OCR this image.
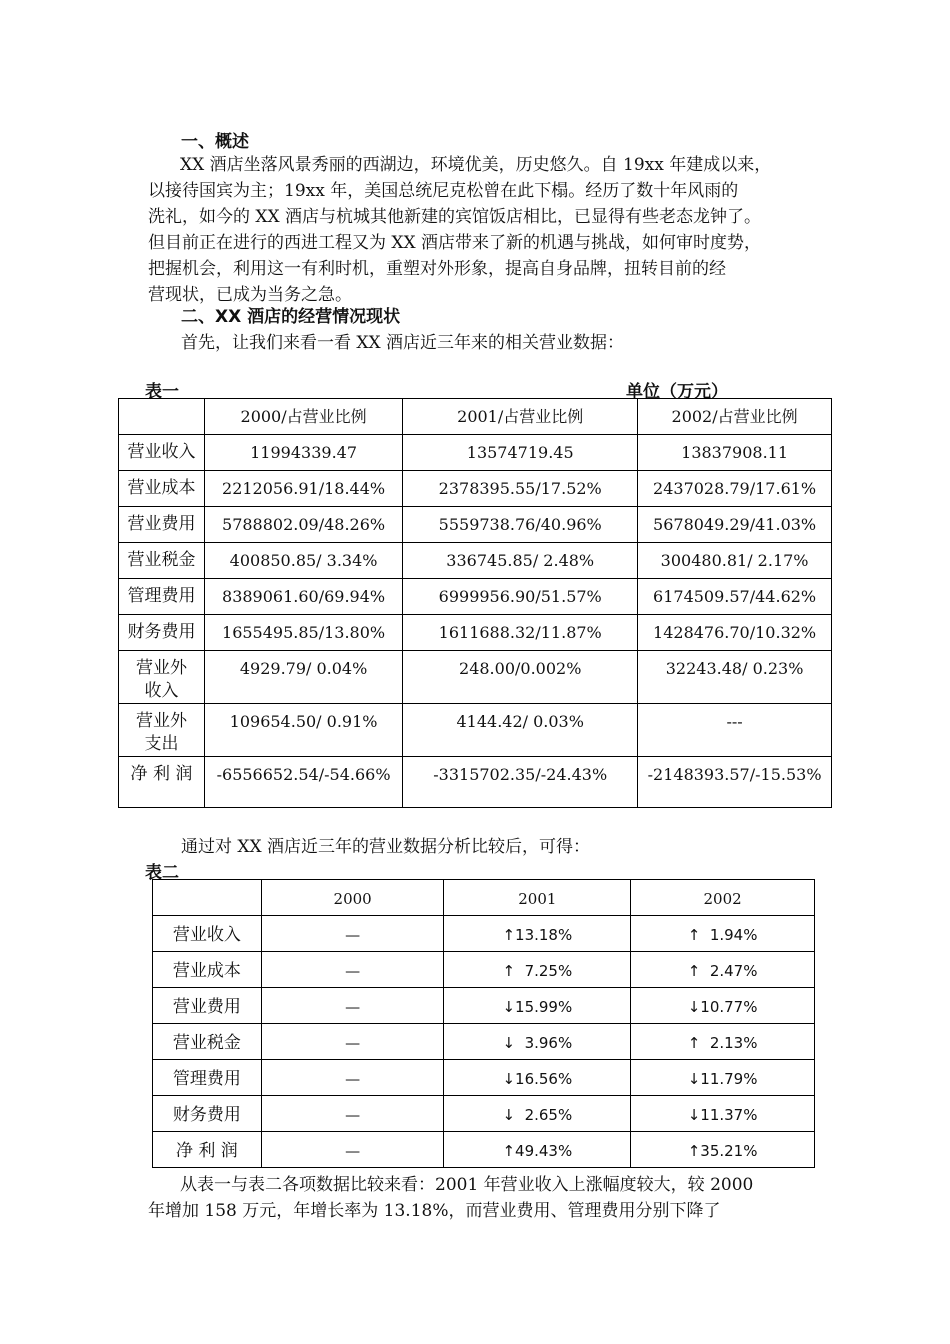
一、概述

XX 酒店坐落风景秀丽的西湖边，环境优美，历史悠久。自 19xx 年建成以来，

以接待国宾为主；19xx 年，美国总统尼克松曾在此下榻。经历了数十年风雨的

洗礼，如今的 XX 酒店与杭城其他新建的宾馆饭店相比，已显得有些老态龙钟了。

但目前正在进行的西进工程又为 XX 酒店带来了新的机遇与挑战，如何审时度势，

把握机会，利用这一有利时机，重塑对外形象，提高自身品牌，扭转目前的经

营现状，已成为当务之急。

二、XX 酒店的经营情况现状
首先，让我们来看一看 XX 酒店近三年来的相关营业数据：
表一	单位（万元）
	2000/占营业比例	2001/占营业比例	2002/占营业比例
营业收入	11994339.47	13574719.45	13837908.11
营业成本	2212056.91/18.44%	2378395.55/17.52%	2437028.79/17.61%
营业费用	5788802.09/48.26%	5559738.76/40.96%	5678049.29/41.03%
营业税金	400850.85/ 3.34%	336745.85/ 2.48%	300480.81/ 2.17%
管理费用	8389061.60/69.94%	6999956.90/51.57%	6174509.57/44.62%
财务费用	1655495.85/13.80%	1611688.32/11.87%	1428476.70/10.32%
营业外收入	4929.79/ 0.04%	248.00/0.002%	32243.48/ 0.23%
营业外支出	109654.50/ 0.91%	4144.42/ 0.03%	---
净 利 润	-6556652.54/-54.66%	-3315702.35/-24.43%	-2148393.57/-15.53%
通过对 XX 酒店近三年的营业数据分析比较后，可得：
表二
	2000	2001	2002
营业收入	—	↑13.18%	↑  1.94%
营业成本	—	↑  7.25%	↑  2.47%
营业费用	—	↓15.99%	↓10.77%
营业税金	—	↓  3.96%	↑  2.13%
管理费用	—	↓16.56%	↓11.79%
财务费用	—	↓  2.65%	↓11.37%
净 利 润	—	↑49.43%	↑35.21%

从表一与表二各项数据比较来看：2001 年营业收入上涨幅度较大，较 2000

年增加 158 万元，年增长率为 13.18%，而营业费用、管理费用分别下降了
